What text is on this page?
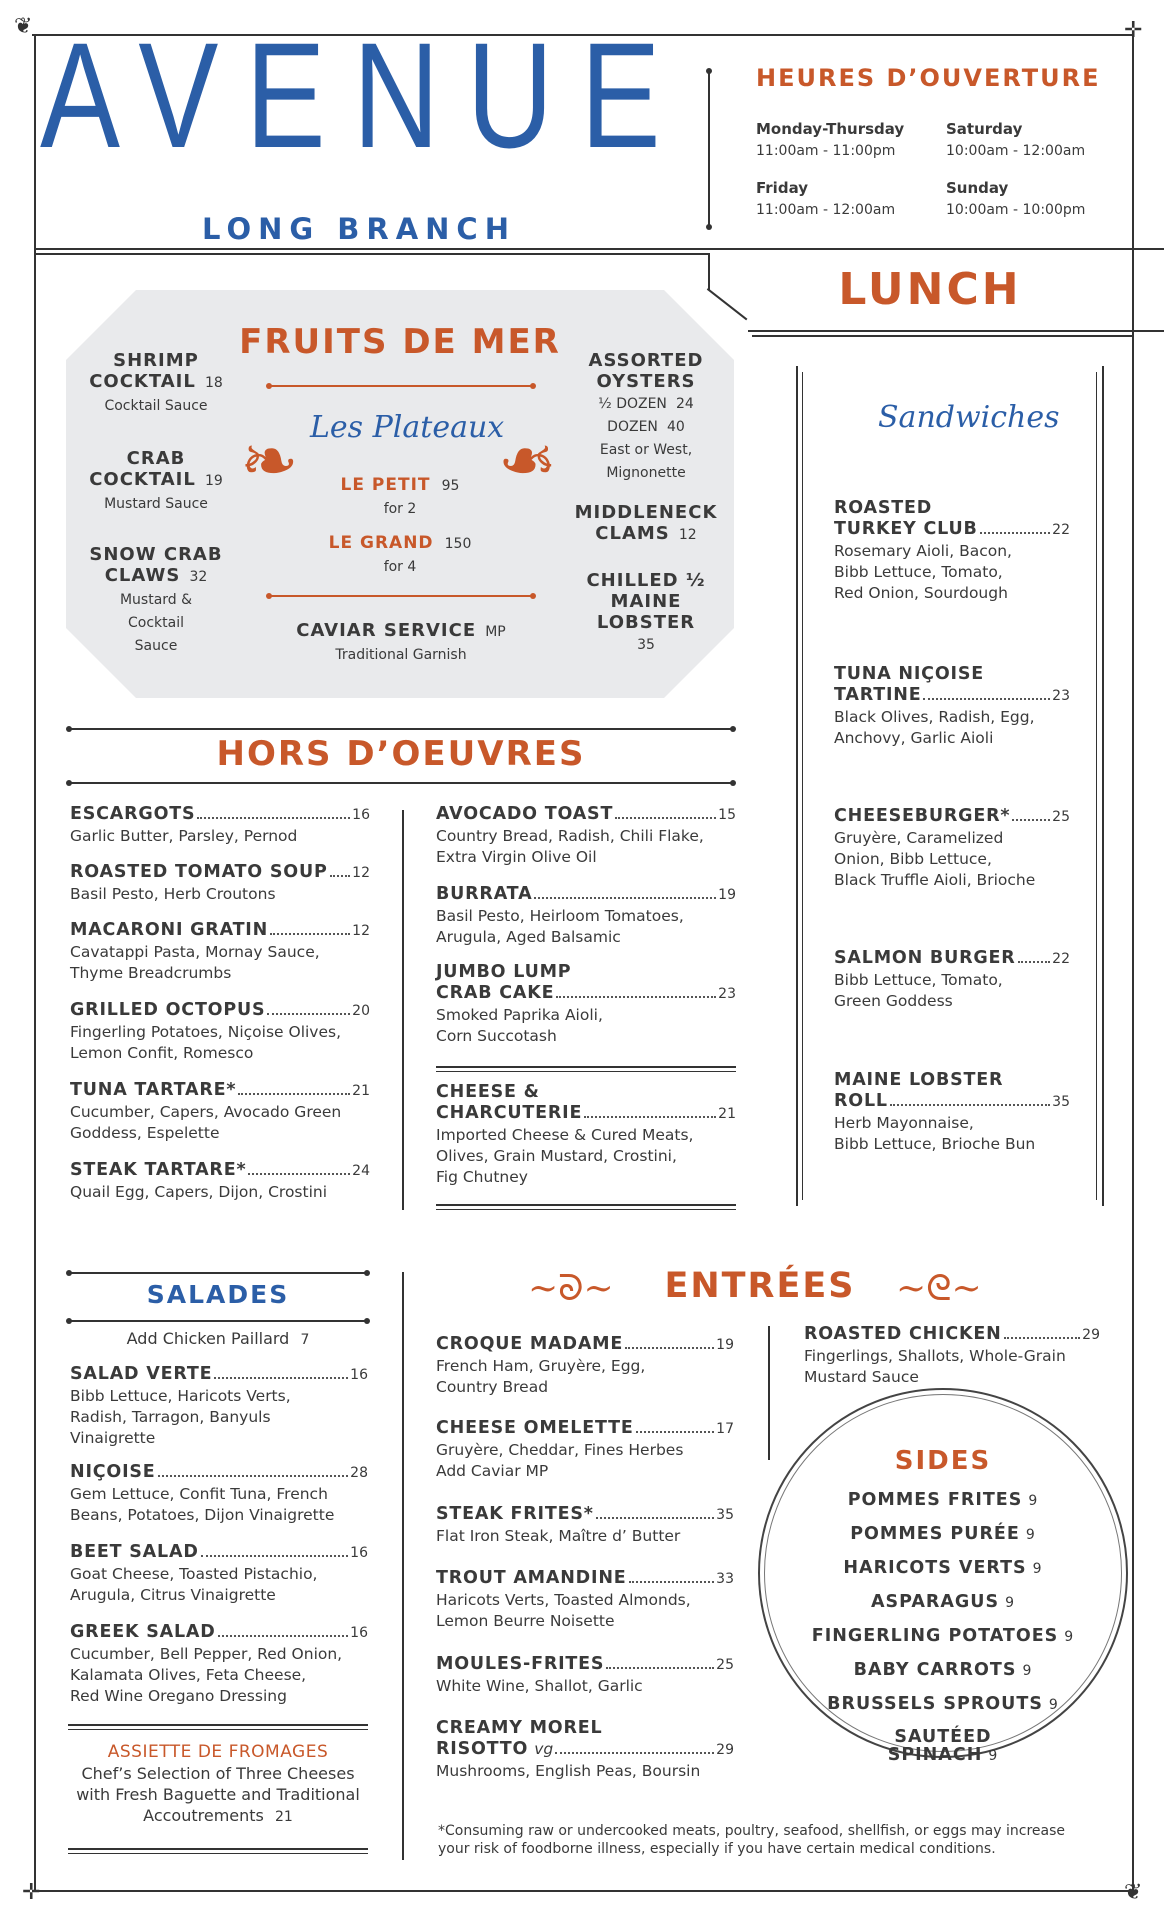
❦
❦
✛
✛
AVENUE
LONG BRANCH
HEURES D’OUVERTURE
Monday-Thursday
11:00am - 11:00pm
Saturday
10:00am - 12:00am
Friday
11:00am - 12:00am
Sunday
10:00am - 10:00pm
LUNCH
FRUITS DE MER
Les Plateaux
❧	❧
LE PETIT 95
for 2
LE GRAND 150
for 4
SHRIMP
COCKTAIL 18
Cocktail Sauce
CRAB
COCKTAIL 19
Mustard Sauce
SNOW CRAB
CLAWS 32
Mustard &
Cocktail
Sauce
CAVIAR SERVICE MP
Traditional Garnish
ASSORTED
OYSTERS
½ DOZEN 24
DOZEN 40
East or West,
Mignonette
MIDDLENECK
CLAMS 12
CHILLED ½
MAINE
LOBSTER
35
HORS D’OEUVRES
ESCARGOTS	16
Garlic Butter, Parsley, Pernod
ROASTED TOMATO SOUP 12
Basil Pesto, Herb Croutons
MACARONI GRATIN	12
Cavatappi Pasta, Mornay Sauce,
Thyme Breadcrumbs
GRILLED OCTOPUS	20
Fingerling Potatoes, Niçoise Olives,
Lemon Confit, Romesco
TUNA TARTARE*	21
Cucumber, Capers, Avocado Green
Goddess, Espelette
STEAK TARTARE*	24
Quail Egg, Capers, Dijon, Crostini
AVOCADO TOAST	15
Country Bread, Radish, Chili Flake,
Extra Virgin Olive Oil
BURRATA	19
Basil Pesto, Heirloom Tomatoes,
Arugula, Aged Balsamic
JUMBO LUMP
CRAB CAKE	23
Smoked Paprika Aioli,
Corn Succotash
CHEESE &
CHARCUTERIE	21
Imported Cheese & Cured Meats,
Olives, Grain Mustard, Crostini,
Fig Chutney
Sandwiches
ROASTED
TURKEY CLUB	22
Rosemary Aioli, Bacon,
Bibb Lettuce, Tomato,
Red Onion, Sourdough
TUNA NIÇOISE
TARTINE	23
Black Olives, Radish, Egg,
Anchovy, Garlic Aioli
CHEESEBURGER*	25
Gruyère, Caramelized
Onion, Bibb Lettuce,
Black Truffle Aioli, Brioche
SALMON BURGER	22
Bibb Lettuce, Tomato,
Green Goddess
MAINE LOBSTER
ROLL	35
Herb Mayonnaise,
Bibb Lettuce, Brioche Bun
SALADES
Add Chicken Paillard 7
SALAD VERTE	16
Bibb Lettuce, Haricots Verts,
Radish, Tarragon, Banyuls
Vinaigrette
NIÇOISE	28
Gem Lettuce, Confit Tuna, French
Beans, Potatoes, Dijon Vinaigrette
BEET SALAD	16
Goat Cheese, Toasted Pistachio,
Arugula, Citrus Vinaigrette
GREEK SALAD	16
Cucumber, Bell Pepper, Red Onion,
Kalamata Olives, Feta Cheese,
Red Wine Oregano Dressing
ASSIETTE DE FROMAGES
Chef’s Selection of Three Cheeses
with Fresh Baguette and Traditional
Accoutrements 21
∼ᘐ∼ ENTRÉES ∼ᘓ∼
CROQUE MADAME	19
French Ham, Gruyère, Egg,
Country Bread
CHEESE OMELETTE	17
Gruyère, Cheddar, Fines Herbes
Add Caviar MP
STEAK FRITES*	35
Flat Iron Steak, Maître d’ Butter
TROUT AMANDINE	33
Haricots Verts, Toasted Almonds,
Lemon Beurre Noisette
MOULES-FRITES	25
White Wine, Shallot, Garlic
CREAMY MOREL
RISOTTO vg	29
Mushrooms, English Peas, Boursin
ROASTED CHICKEN	29
Fingerlings, Shallots, Whole-Grain
Mustard Sauce
SIDES
POMMES FRITES 9
POMMES PURÉE 9
HARICOTS VERTS 9
ASPARAGUS 9
FINGERLING POTATOES 9
BABY CARROTS 9
BRUSSELS SPROUTS 9
SAUTÉED
SPINACH 9
*Consuming raw or undercooked meats, poultry, seafood, shellfish, or eggs may increase
your risk of foodborne illness, especially if you have certain medical conditions.
